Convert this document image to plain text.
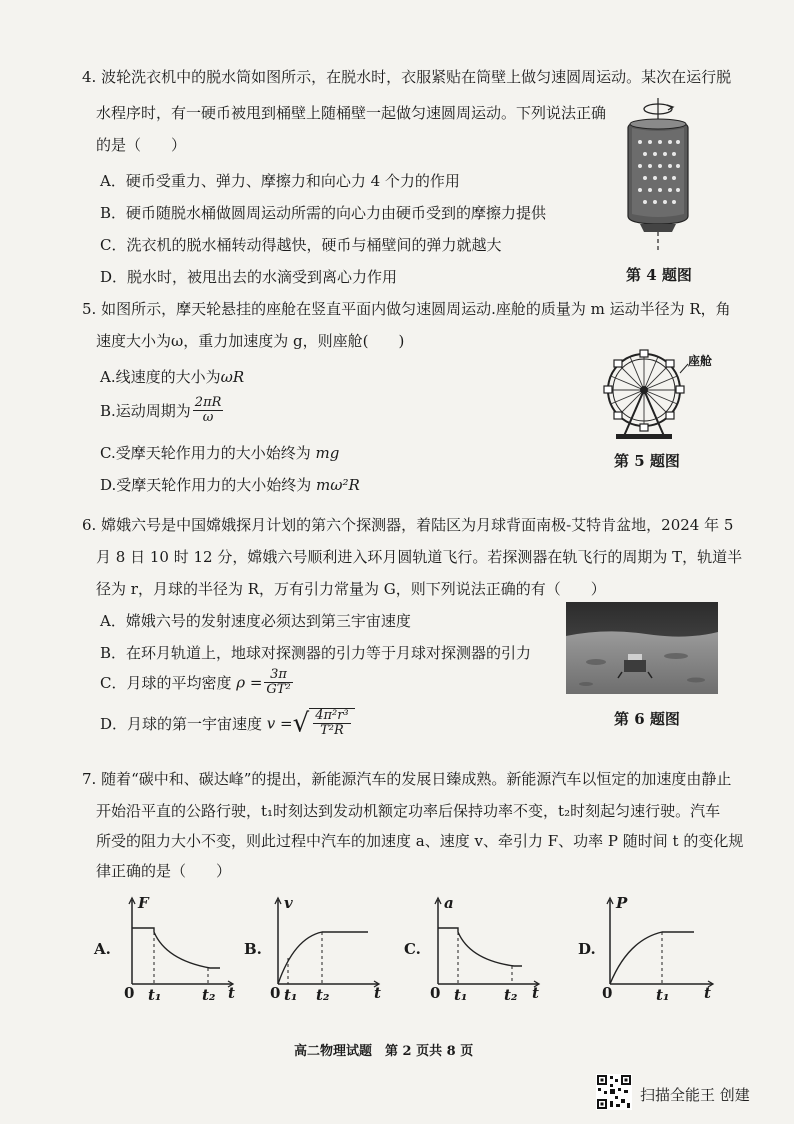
4. 波轮洗衣机中的脱水筒如图所示，在脱水时，衣服紧贴在筒壁上做匀速圆周运动。某次在运行脱
水程序时，有一硬币被甩到桶壁上随桶壁一起做匀速圆周运动。下列说法正确
的是（　　）
A．硬币受重力、弹力、摩擦力和向心力 4 个力的作用
B．硬币随脱水桶做圆周运动所需的向心力由硬币受到的摩擦力提供
C．洗衣机的脱水桶转动得越快，硬币与桶壁间的弹力就越大
D．脱水时，被甩出去的水滴受到离心力作用	第 4 题图
5. 如图所示，摩天轮悬挂的座舱在竖直平面内做匀速圆周运动.座舱的质量为 m 运动半径为 R，角
速度大小为ω，重力加速度为 g，则座舱(　　)
A.线速度的大小为ωR
B.运动周期为 $\frac{2\pi R}{\omega}$
C.受摩天轮作用力的大小始终为 mg
D.受摩天轮作用力的大小始终为 mω²R
座舱
第 5 题图
6. 嫦娥六号是中国嫦娥探月计划的第六个探测器，着陆区为月球背面南极-艾特肯盆地，2024 年 5
月 8 日 10 时 12 分，嫦娥六号顺利进入环月圆轨道飞行。若探测器在轨飞行的周期为 T，轨道半
径为 r，月球的半径为 R，万有引力常量为 G，则下列说法正确的有（　　）
A．嫦娥六号的发射速度必须达到第三宇宙速度
B．在环月轨道上，地球对探测器的引力等于月球对探测器的引力
C．月球的平均密度 $\rho = \frac{3\pi}{\text{GT²}}$
D．月球的第一宇宙速度 v =√ $\frac{\text{4π²r³}}{\text{T²R}}$	第 6 题图
7. 随着“碳中和、碳达峰”的提出，新能源汽车的发展日臻成熟。新能源汽车以恒定的加速度由静止
开始沿平直的公路行驶，t₁时刻达到发动机额定功率后保持功率不变，t₂时刻起匀速行驶。汽车
所受的阻力大小不变，则此过程中汽车的加速度 a、速度 v、牵引力 F、功率 P 随时间 t 的变化规
律正确的是（　　）
A.
F
0 t₁	t₂ t
B.
v
0 t₁ t₂	t
C.
a
0 t₁ t₂ t
D.
P
0	t₁ t
高二物理试题　第 2 页共 8 页
扫描全能王 创建
